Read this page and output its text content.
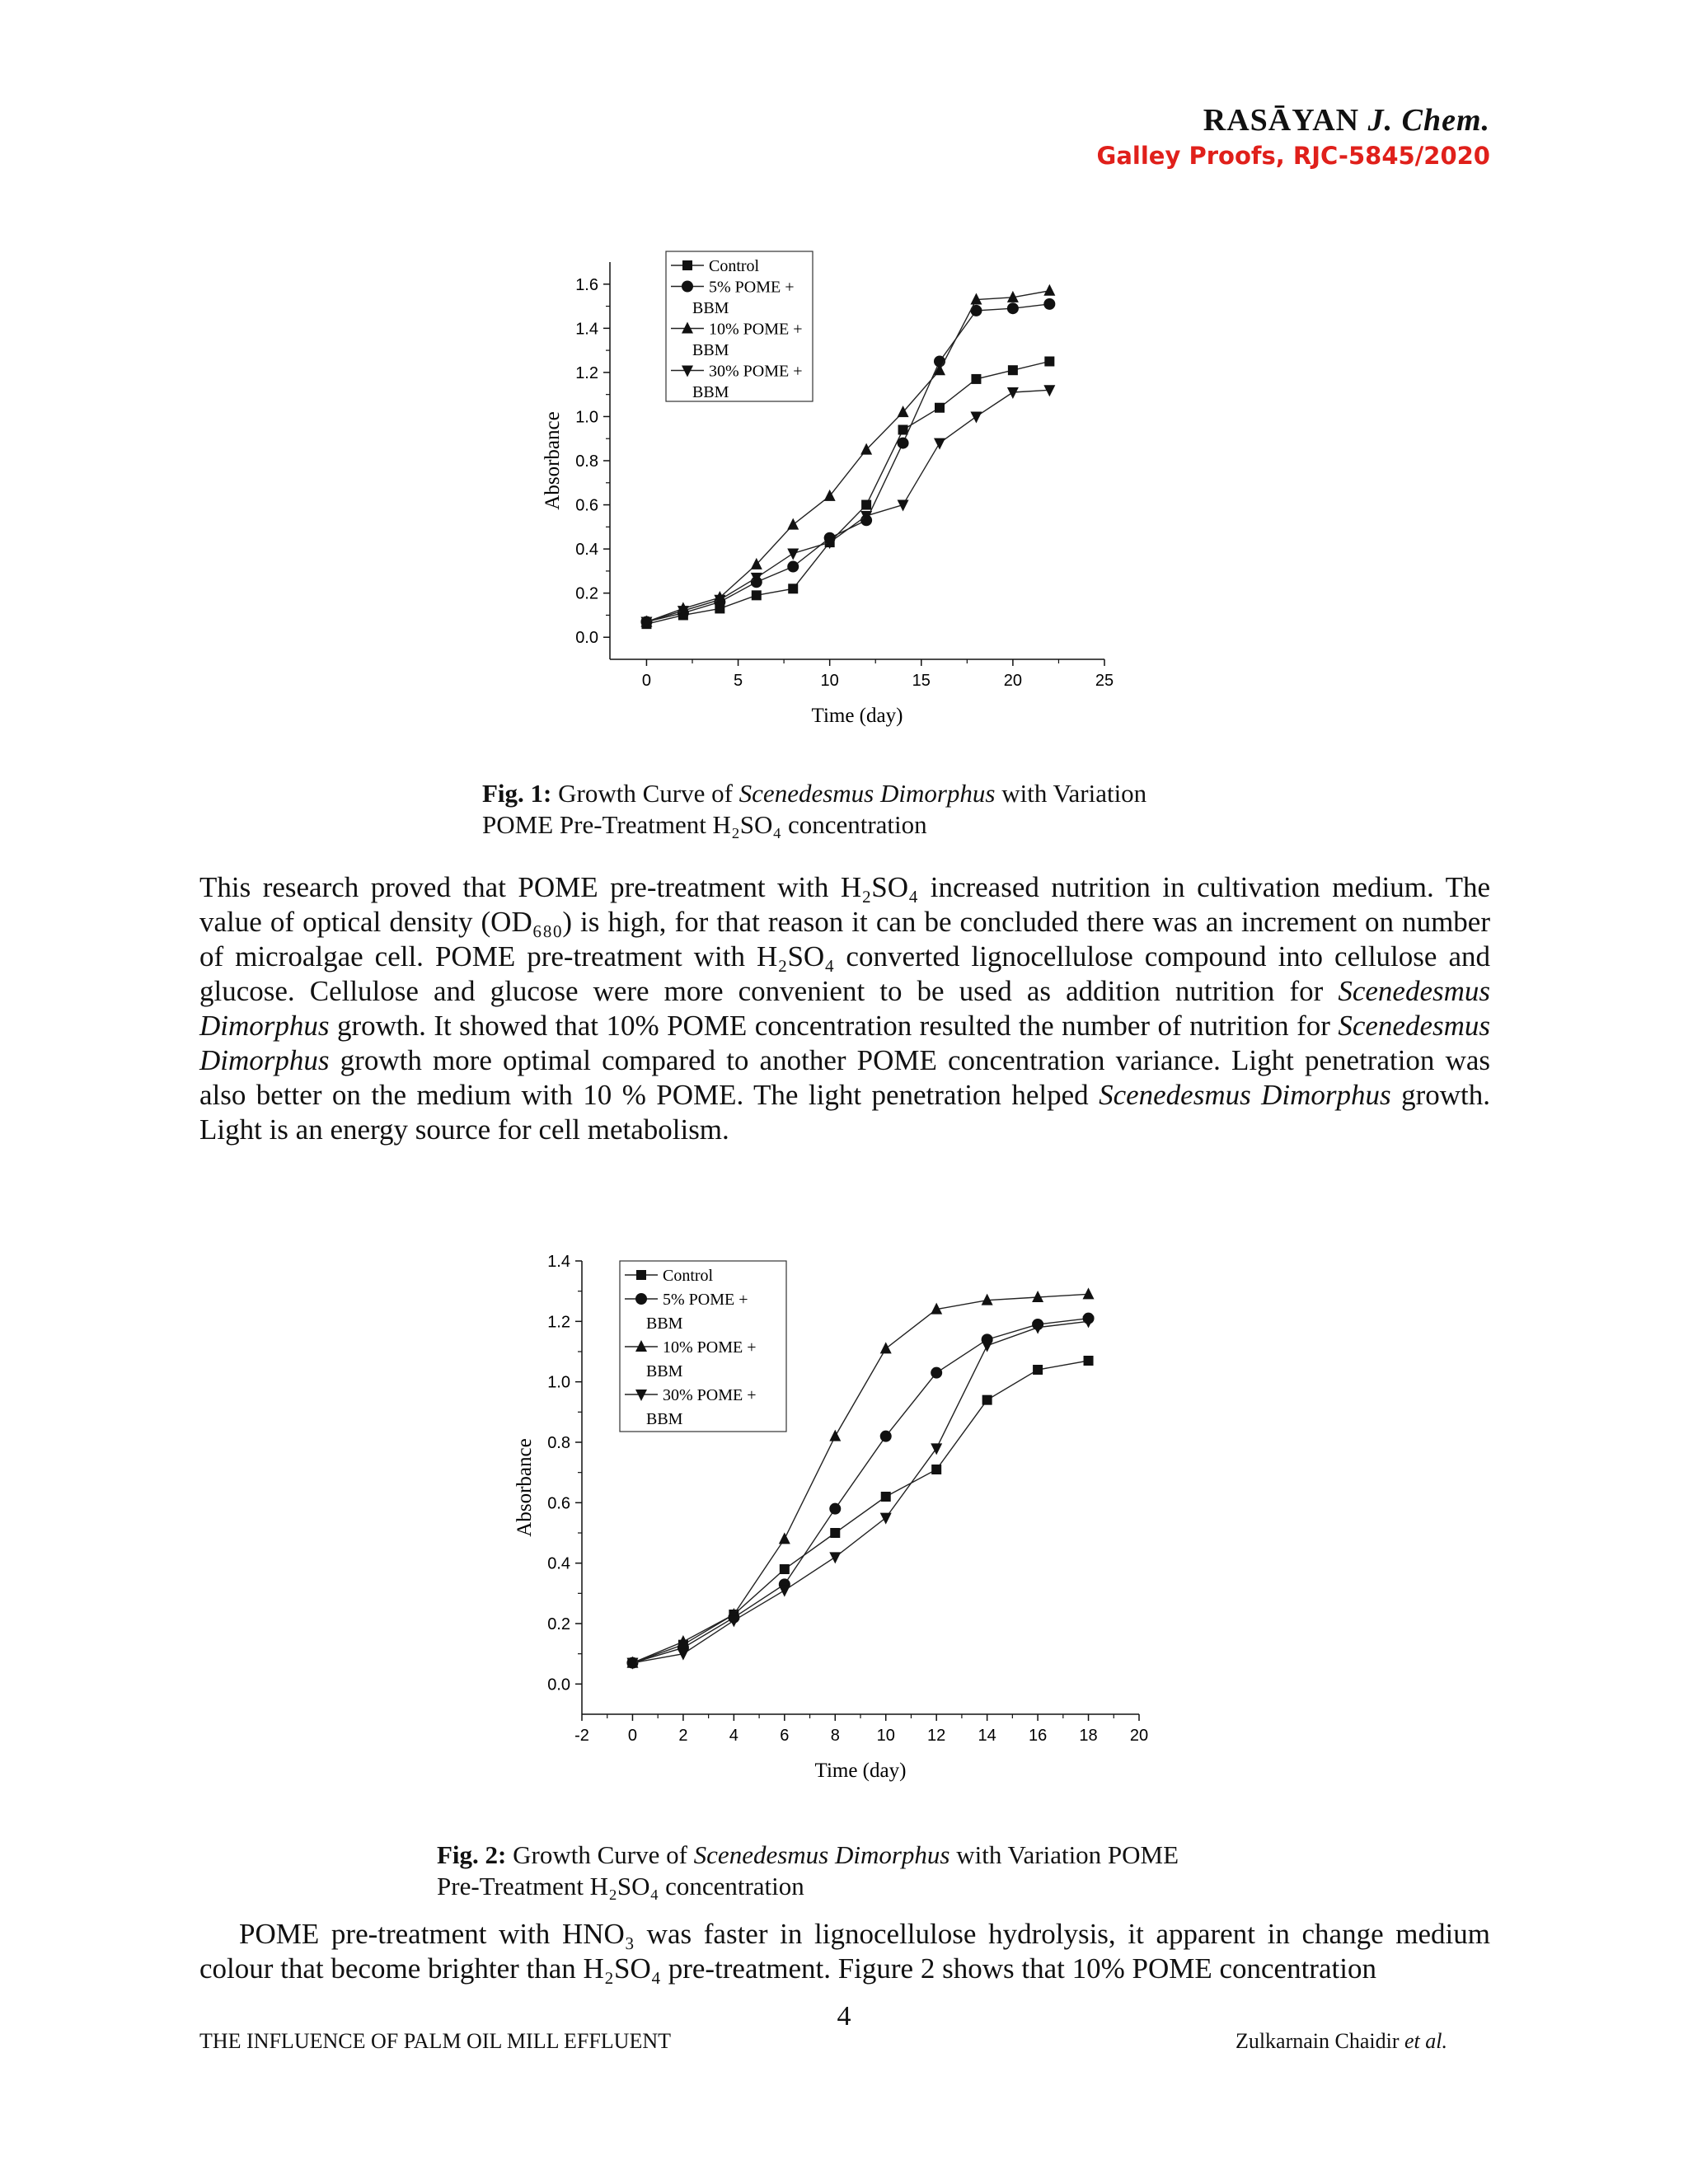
RASĀYAN J. Chem.
Galley Proofs, RJC-5845/2020
0.0
0.2
0.4
0.6
0.8
1.0
1.2
1.4
1.6
0	5	10	15	20	25
Time (day)
Absorbance
Control
5% POME +
BBM
10% POME +
BBM
30% POME +
BBM
Fig. 1: Growth Curve of Scenedesmus Dimorphus with Variation
POME Pre-Treatment H₂SO₄ concentration

This research proved that POME pre-treatment with H₂SO₄ increased nutrition in cultivation medium. The value of optical density (OD₆₈₀) is high, for that reason it can be concluded there was an increment on number of microalgae cell. POME pre-treatment with H₂SO₄ converted lignocellulose compound into cellulose and glucose. Cellulose and glucose were more convenient to be used as addition nutrition for Scenedesmus Dimorphus growth. It showed that 10% POME concentration resulted the number of nutrition for Scenedesmus Dimorphus growth more optimal compared to another POME concentration variance. Light penetration was also better on the medium with 10 % POME. The light penetration helped Scenedesmus Dimorphus growth. Light is an energy source for cell metabolism.

0.0
0.2
0.4
0.6
0.8
1.0
1.2
1.4
-2 0	2	4	6	8 10 12 14 16 18 20
Time (day)
Absorbance
Control
5% POME +
BBM
10% POME +
BBM
30% POME +
BBM
Fig. 2: Growth Curve of Scenedesmus Dimorphus with Variation POME
Pre-Treatment H₂SO₄ concentration

POME pre-treatment with HNO₃ was faster in lignocellulose hydrolysis, it apparent in change medium colour that become brighter than H₂SO₄ pre-treatment. Figure 2 shows that 10% POME concentration

4
THE INFLUENCE OF PALM OIL MILL EFFLUENT	Zulkarnain Chaidir et al.
